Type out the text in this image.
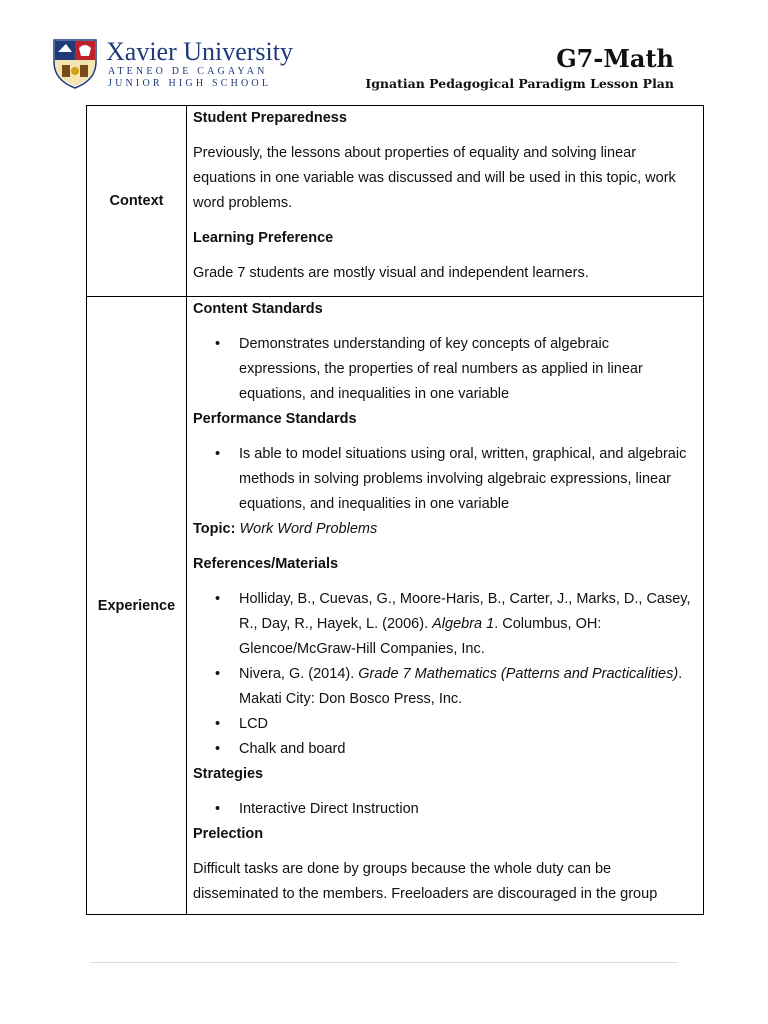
Xavier University
ATENEO DE CAGAYAN
JUNIOR HIGH SCHOOL
G7-Math
Ignatian Pedagogical Paradigm Lesson Plan
Context

Student Preparedness

Previously, the lessons about properties of equality and solving linear equations in one variable was discussed and will be used in this topic, work word problems.

Learning Preference

Grade 7 students are mostly visual and independent learners.

Experience

Content Standards

• Demonstrates understanding of key concepts of algebraic expressions, the properties of real numbers as applied in linear equations, and inequalities in one variable

Performance Standards

• Is able to model situations using oral, written, graphical, and algebraic methods in solving problems involving algebraic expressions, linear equations, and inequalities in one variable

Topic: Work Word Problems

References/Materials

• Holliday, B., Cuevas, G., Moore-Haris, B., Carter, J., Marks, D., Casey, R., Day, R., Hayek, L. (2006). Algebra 1. Columbus, OH: Glencoe/McGraw-Hill Companies, Inc.
• Nivera, G. (2014). Grade 7 Mathematics (Patterns and Practicalities). Makati City: Don Bosco Press, Inc.
• LCD
• Chalk and board

Strategies

• Interactive Direct Instruction

Prelection

Difficult tasks are done by groups because the whole duty can be disseminated to the members. Freeloaders are discouraged in the group
